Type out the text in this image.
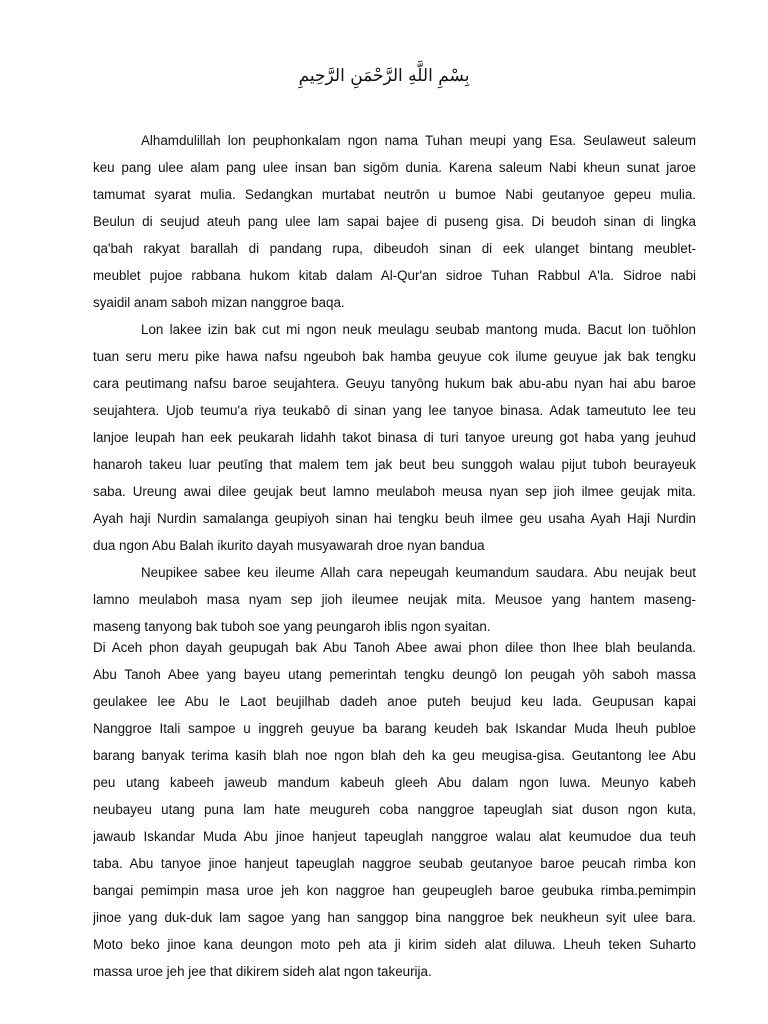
بِسْمِ اللَّهِ الرَّحْمَنِ الرَّحِيمِ
Alhamdulillah lon peuphonkalam ngon nama Tuhan meupi yang Esa. Seulaweut saleum
keu pang ulee alam pang ulee insan ban sigōm dunia. Karena saleum Nabi kheun sunat jaroe
tamumat syarat mulia. Sedangkan murtabat neutrōn u bumoe Nabi geutanyoe gepeu mulia.
Beulun di seujud ateuh pang ulee lam sapai bajee di puseng gisa. Di beudoh sinan di lingka
qa'bah rakyat barallah di pandang rupa, dibeudoh sinan di eek ulanget bintang meublet-
meublet pujoe rabbana hukom kitab dalam Al-Qur'an sidroe Tuhan Rabbul A'la. Sidroe nabi
syaidil anam saboh mizan nanggroe baqa.
Lon lakee izin bak cut mi ngon neuk meulagu seubab mantong muda. Bacut lon tuōhlon
tuan seru meru pike hawa nafsu ngeuboh bak hamba geuyue cok ilume geuyue jak bak tengku
cara peutimang nafsu baroe seujahtera. Geuyu tanyōng hukum bak abu-abu nyan hai abu baroe
seujahtera. Ujob teumu'a riya teukabō di sinan yang lee tanyoe binasa. Adak tameututo lee teu
lanjoe leupah han eek peukarah lidahh takot binasa di turi tanyoe ureung got haba yang jeuhud
hanaroh takeu luar peutīng that malem tem jak beut beu sunggoh walau pijut tuboh beurayeuk
saba. Ureung awai dilee geujak beut lamno meulaboh meusa nyan sep jioh ilmee geujak mita.
Ayah haji Nurdin samalanga geupiyoh sinan hai tengku beuh ilmee geu usaha Ayah Haji Nurdin
dua ngon Abu Balah ikurito dayah musyawarah droe nyan bandua
Neupikee sabee keu ileume Allah cara nepeugah keumandum saudara. Abu neujak beut
lamno meulaboh masa nyam sep jioh ileumee neujak mita. Meusoe yang hantem maseng-
maseng tanyong bak tuboh soe yang peungaroh iblis ngon syaitan.
Di Aceh phon dayah geupugah bak Abu Tanoh Abee awai phon dilee thon lhee blah beulanda.
Abu Tanoh Abee yang bayeu utang pemerintah tengku deungō lon peugah yōh saboh massa
geulakee lee Abu Ie Laot beujilhab dadeh anoe puteh beujud keu lada. Geupusan kapai
Nanggroe Itali sampoe u inggreh geuyue ba barang keudeh bak Iskandar Muda lheuh publoe
barang banyak terima kasih blah noe ngon blah deh ka geu meugisa-gisa. Geutantong lee Abu
peu utang kabeeh jaweub mandum kabeuh gleeh Abu dalam ngon luwa. Meunyo kabeh
neubayeu utang puna lam hate meugureh coba nanggroe tapeuglah siat duson ngon kuta,
jawaub Iskandar Muda Abu jinoe hanjeut tapeuglah nanggroe walau alat keumudoe dua teuh
taba. Abu tanyoe jinoe hanjeut tapeuglah naggroe seubab geutanyoe baroe peucah rimba kon
bangai pemimpin masa uroe jeh kon naggroe han geupeugleh baroe geubuka rimba.pemimpin
jinoe yang duk-duk lam sagoe yang han sanggop bina nanggroe bek neukheun syit ulee bara.
Moto beko jinoe kana deungon moto peh ata ji kirim sideh alat diluwa. Lheuh teken Suharto
massa uroe jeh jee that dikirem sideh alat ngon takeurija.
